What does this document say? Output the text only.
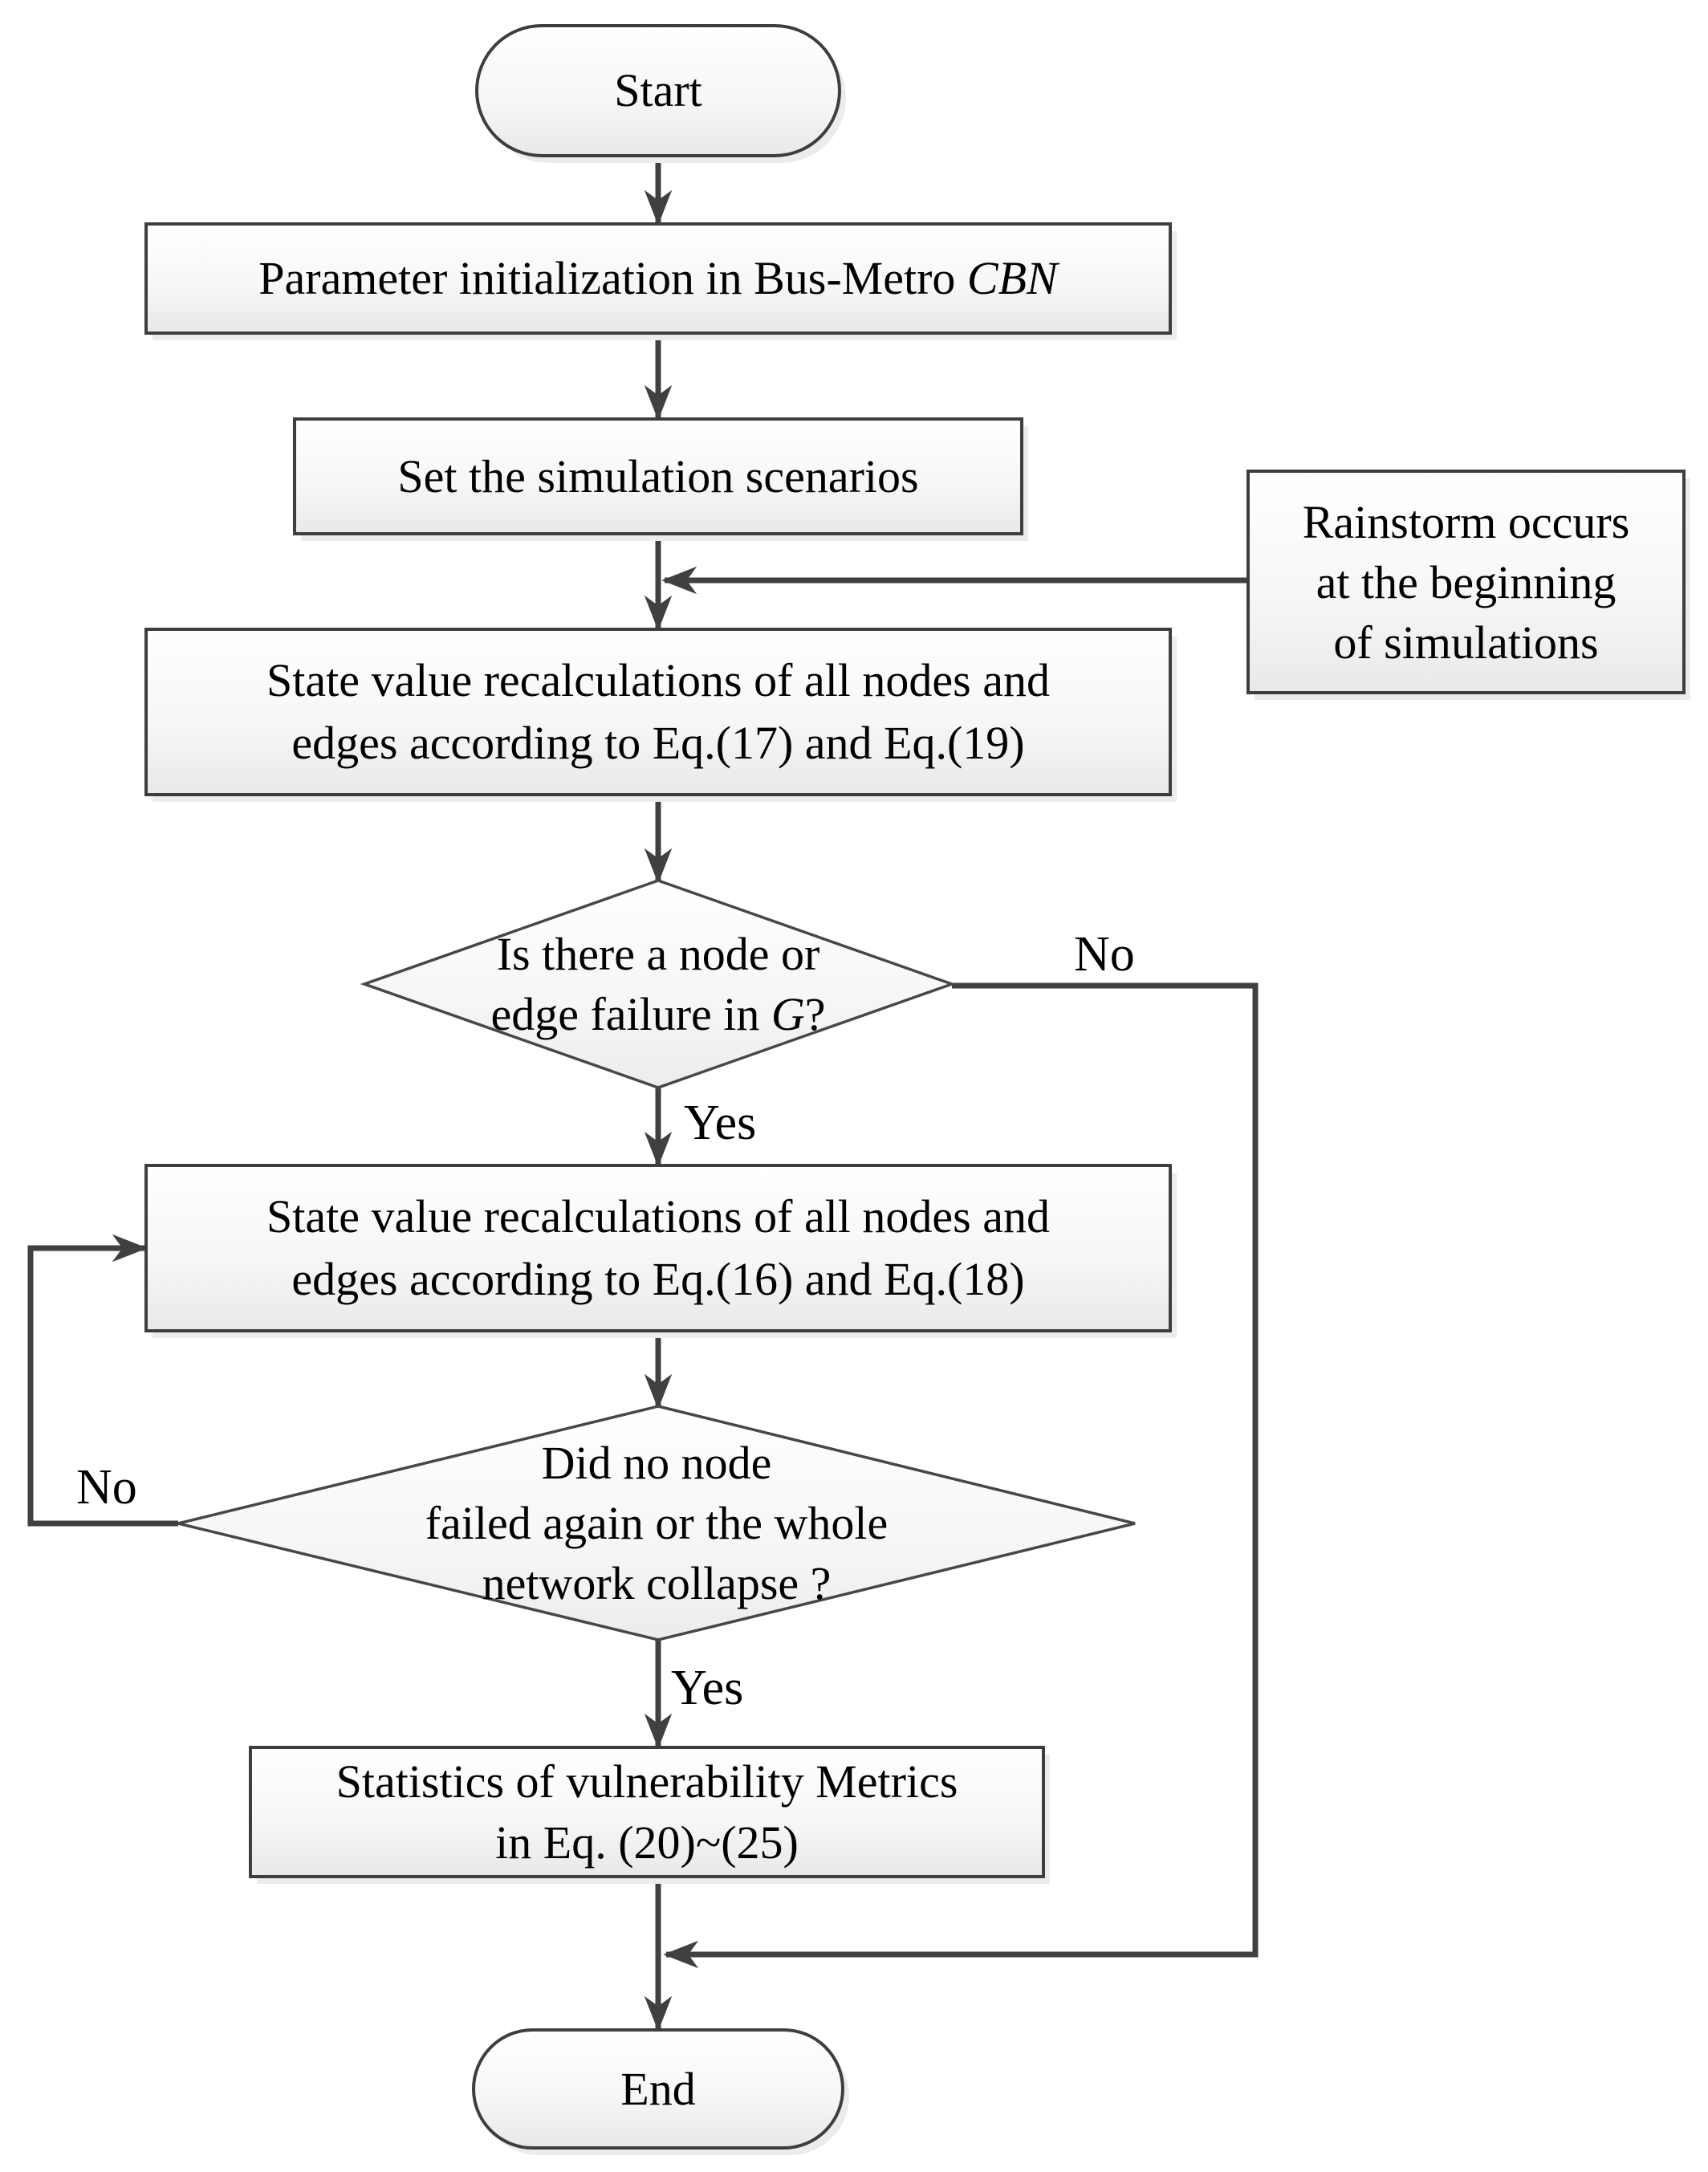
Start
Parameter initialization in Bus-Metro CBN
Set the simulation scenarios
Rainstorm occurs
at the beginning
of simulations
State value recalculations of all nodes and
edges according to Eq.(17) and Eq.(19)
Is there a node or
edge failure in G?
State value recalculations of all nodes and
edges according to Eq.(16) and Eq.(18)
Did no node
failed again or the whole
network collapse ?
Statistics of vulnerability Metrics
in Eq. (20)~(25)
End
No
Yes
No
Yes
